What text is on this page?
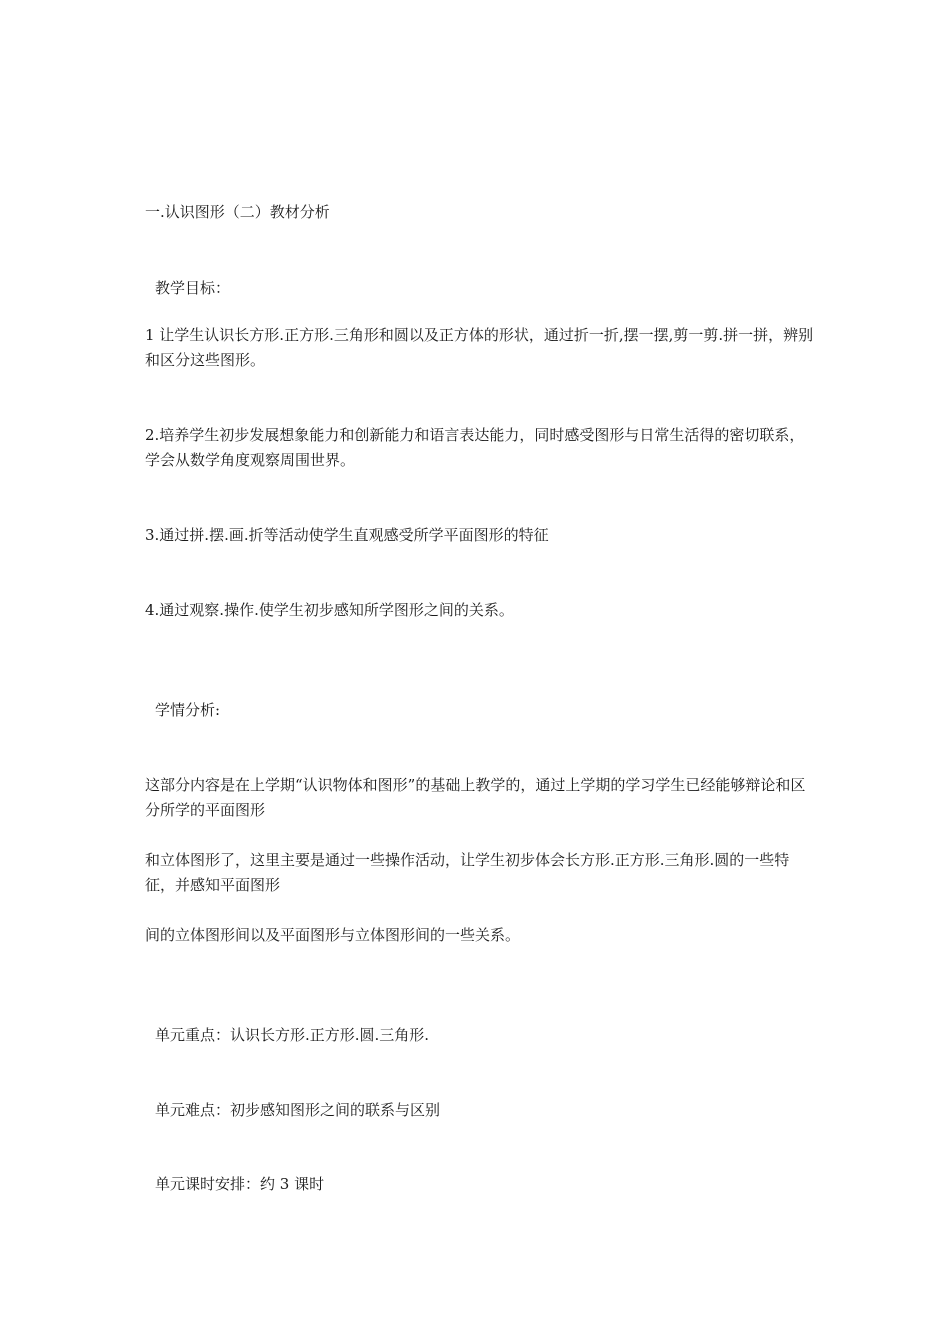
一.认识图形（二）教材分析
教学目标：
1 让学生认识长方形.正方形.三角形和圆以及正方体的形状，通过折一折,摆一摆,剪一剪.拼一拼，辨别和区分这些图形。
2.培养学生初步发展想象能力和创新能力和语言表达能力，同时感受图形与日常生活得的密切联系，学会从数学角度观察周围世界。
3.通过拼.摆.画.折等活动使学生直观感受所学平面图形的特征
4.通过观察.操作.使学生初步感知所学图形之间的关系。
学情分析:
这部分内容是在上学期“认识物体和图形”的基础上教学的，通过上学期的学习学生已经能够辩论和区分所学的平面图形
和立体图形了，这里主要是通过一些操作活动，让学生初步体会长方形.正方形.三角形.圆的一些特征，并感知平面图形
间的立体图形间以及平面图形与立体图形间的一些关系。
单元重点：认识长方形.正方形.圆.三角形.
单元难点：初步感知图形之间的联系与区别
单元课时安排：约 3 课时
